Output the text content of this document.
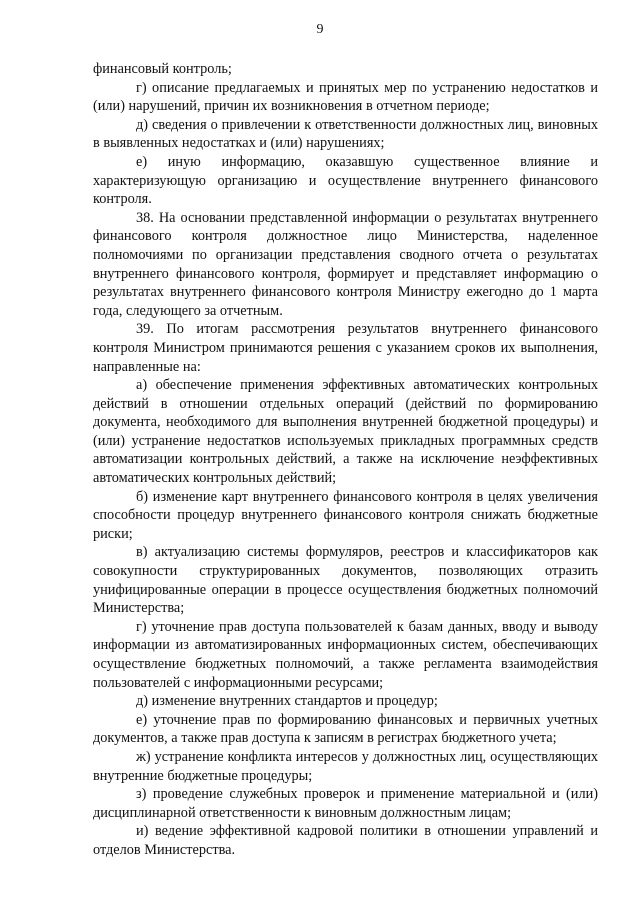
9

финансовый контроль;

г) описание предлагаемых и принятых мер по устранению недостатков и (или) нарушений, причин их возникновения в отчетном периоде;

д) сведения о привлечении к ответственности должностных лиц, виновных в выявленных недостатках и (или) нарушениях;

е) иную информацию, оказавшую существенное влияние и характеризующую организацию и осуществление внутреннего финансового контроля.

38. На основании представленной информации о результатах внутреннего финансового контроля должностное лицо Министерства, наделенное полномочиями по организации представления сводного отчета о результатах внутреннего финансового контроля, формирует и представляет информацию о результатах внутреннего финансового контроля Министру ежегодно до 1 марта года, следующего за отчетным.

39. По итогам рассмотрения результатов внутреннего финансового контроля Министром принимаются решения с указанием сроков их выполнения, направленные на:

а) обеспечение применения эффективных автоматических контрольных действий в отношении отдельных операций (действий по формированию документа, необходимого для выполнения внутренней бюджетной процедуры) и (или) устранение недостатков используемых прикладных программных средств автоматизации контрольных действий, а также на исключение неэффективных автоматических контрольных действий;

б) изменение карт внутреннего финансового контроля в целях увеличения способности процедур внутреннего финансового контроля снижать бюджетные риски;

в) актуализацию системы формуляров, реестров и классификаторов как совокупности структурированных документов, позволяющих отразить унифицированные операции в процессе осуществления бюджетных полномочий Министерства;

г) уточнение прав доступа пользователей к базам данных, вводу и выводу информации из автоматизированных информационных систем, обеспечивающих осуществление бюджетных полномочий, а также регламента взаимодействия пользователей с информационными ресурсами;

д) изменение внутренних стандартов и процедур;

е) уточнение прав по формированию финансовых и первичных учетных документов, а также прав доступа к записям в регистрах бюджетного учета;

ж) устранение конфликта интересов у должностных лиц, осуществляющих внутренние бюджетные процедуры;

з) проведение служебных проверок и применение материальной и (или) дисциплинарной ответственности к виновным должностным лицам;

и) ведение эффективной кадровой политики в отношении управлений и отделов Министерства.
